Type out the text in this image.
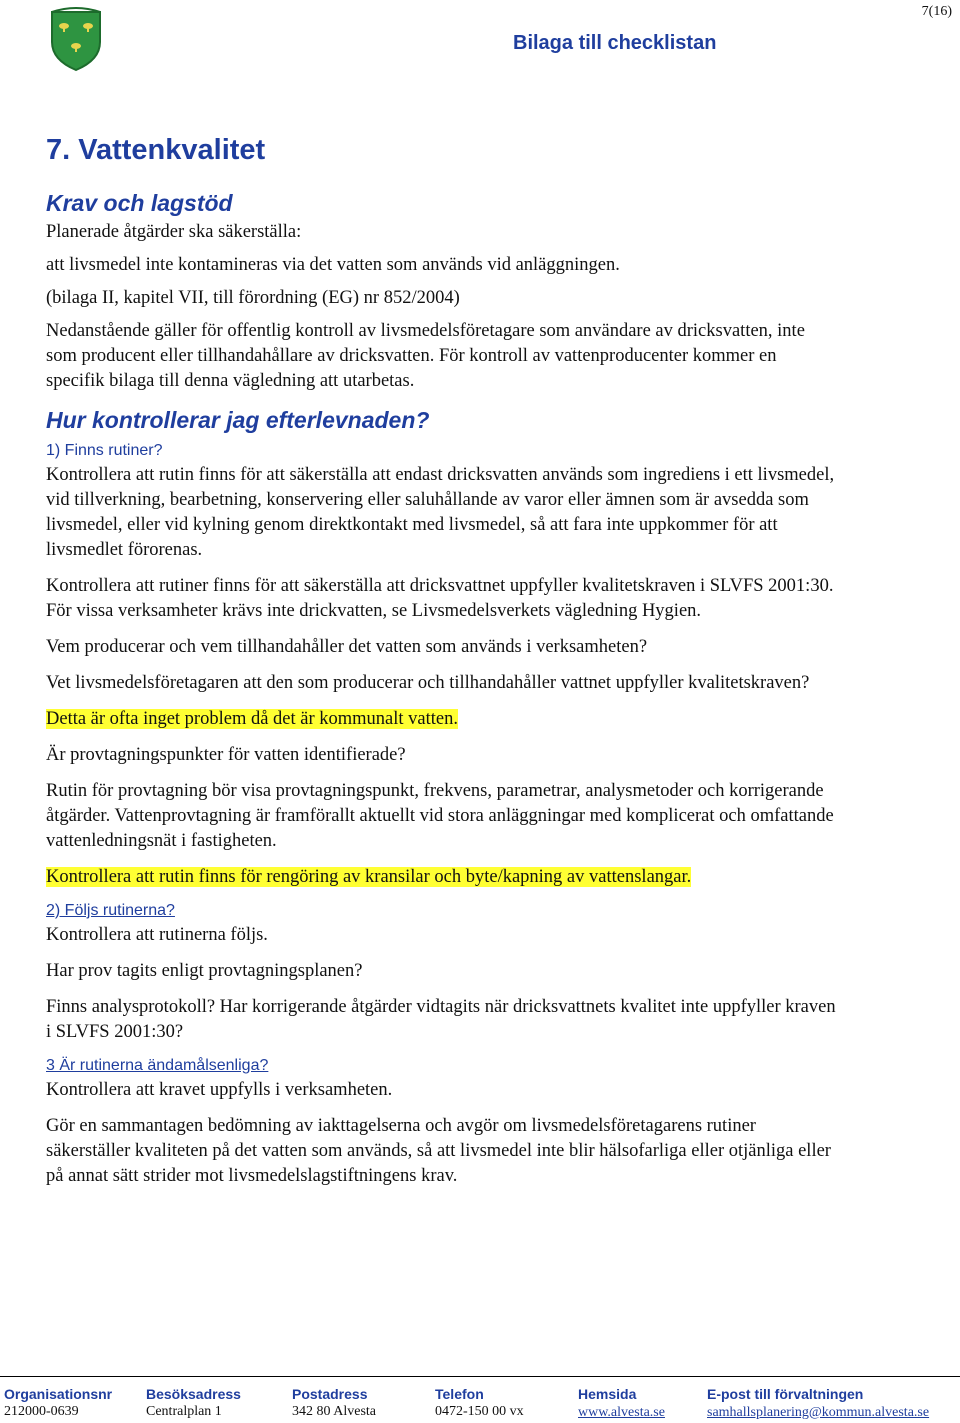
7(16)
Bilaga till checklistan

7. Vattenkvalitet

Krav och lagstöd

Planerade åtgärder ska säkerställa:

att livsmedel inte kontamineras via det vatten som används vid anläggningen.

(bilaga II, kapitel VII, till förordning (EG) nr 852/2004)

Nedanstående gäller för offentlig kontroll av livsmedelsföretagare som användare av dricksvatten, inte som producent eller tillhandahållare av dricksvatten. För kontroll av vattenproducenter kommer en specifik bilaga till denna vägledning att utarbetas.

Hur kontrollerar jag efterlevnaden?

1) Finns rutiner?

Kontrollera att rutin finns för att säkerställa att endast dricksvatten används som ingrediens i ett livsmedel, vid tillverkning, bearbetning, konservering eller saluhållande av varor eller ämnen som är avsedda som livsmedel, eller vid kylning genom direktkontakt med livsmedel, så att fara inte uppkommer för att livsmedlet förorenas.

Kontrollera att rutiner finns för att säkerställa att dricksvattnet uppfyller kvalitetskraven i SLVFS 2001:30. För vissa verksamheter krävs inte drickvatten, se Livsmedelsverkets vägledning Hygien.

Vem producerar och vem tillhandahåller det vatten som används i verksamheten?

Vet livsmedelsföretagaren att den som producerar och tillhandahåller vattnet uppfyller kvalitetskraven?

Detta är ofta inget problem då det är kommunalt vatten.

Är provtagningspunkter för vatten identifierade?

Rutin för provtagning bör visa provtagningspunkt, frekvens, parametrar, analysmetoder och korrigerande åtgärder. Vattenprovtagning är framförallt aktuellt vid stora anläggningar med komplicerat och omfattande vattenledningsnät i fastigheten.

Kontrollera att rutin finns för rengöring av kransilar och byte/kapning av vattenslangar.

2) Följs rutinerna?

Kontrollera att rutinerna följs.

Har prov tagits enligt provtagningsplanen?

Finns analysprotokoll? Har korrigerande åtgärder vidtagits när dricksvattnets kvalitet inte uppfyller kraven i SLVFS 2001:30?

3 Är rutinerna ändamålsenliga?

Kontrollera att kravet uppfylls i verksamheten.

Gör en sammantagen bedömning av iakttagelserna och avgör om livsmedelsföretagarens rutiner säkerställer kvaliteten på det vatten som används, så att livsmedel inte blir hälsofarliga eller otjänliga eller på annat sätt strider mot livsmedelslagstiftningens krav.

Organisationsnr
212000-0639
Besöksadress
Centralplan 1
Postadress
342 80 Alvesta
Telefon
0472-150 00 vx
Hemsida
www.alvesta.se
E-post till förvaltningen
samhallsplanering@kommun.alvesta.se
